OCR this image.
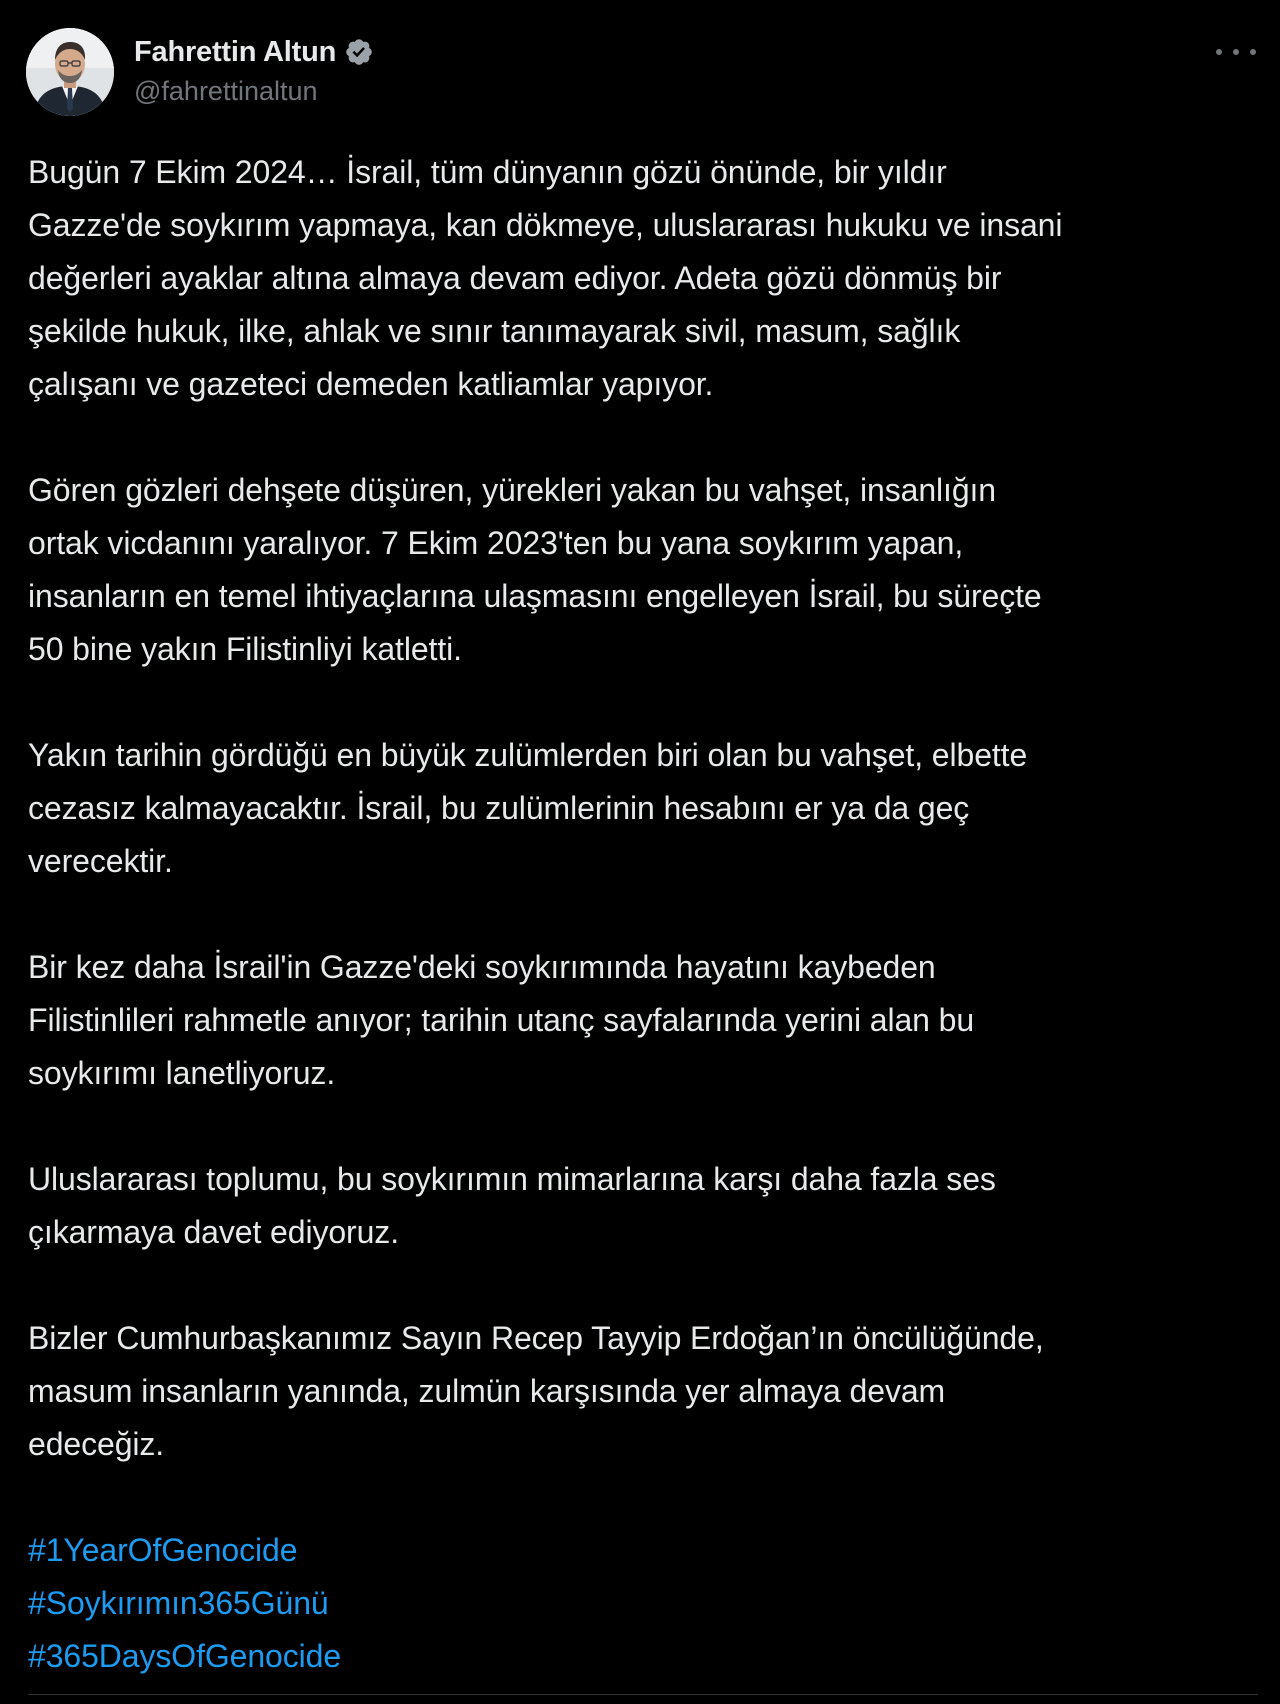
Fahrettin Altun
@fahrettinaltun

Bugün 7 Ekim 2024… İsrail, tüm dünyanın gözü önünde, bir yıldır
Gazze'de soykırım yapmaya, kan dökmeye, uluslararası hukuku ve insani
değerleri ayaklar altına almaya devam ediyor. Adeta gözü dönmüş bir
şekilde hukuk, ilke, ahlak ve sınır tanımayarak sivil, masum, sağlık
çalışanı ve gazeteci demeden katliamlar yapıyor.

Gören gözleri dehşete düşüren, yürekleri yakan bu vahşet, insanlığın
ortak vicdanını yaralıyor. 7 Ekim 2023'ten bu yana soykırım yapan,
insanların en temel ihtiyaçlarına ulaşmasını engelleyen İsrail, bu süreçte
50 bine yakın Filistinliyi katletti.

Yakın tarihin gördüğü en büyük zulümlerden biri olan bu vahşet, elbette
cezasız kalmayacaktır. İsrail, bu zulümlerinin hesabını er ya da geç
verecektir.

Bir kez daha İsrail'in Gazze'deki soykırımında hayatını kaybeden
Filistinlileri rahmetle anıyor; tarihin utanç sayfalarında yerini alan bu
soykırımı lanetliyoruz.

Uluslararası toplumu, bu soykırımın mimarlarına karşı daha fazla ses
çıkarmaya davet ediyoruz.

Bizler Cumhurbaşkanımız Sayın Recep Tayyip Erdoğan’ın öncülüğünde,
masum insanların yanında, zulmün karşısında yer almaya devam
edeceğiz.

#1YearOfGenocide
#Soykırımın365Günü
#365DaysOfGenocide
